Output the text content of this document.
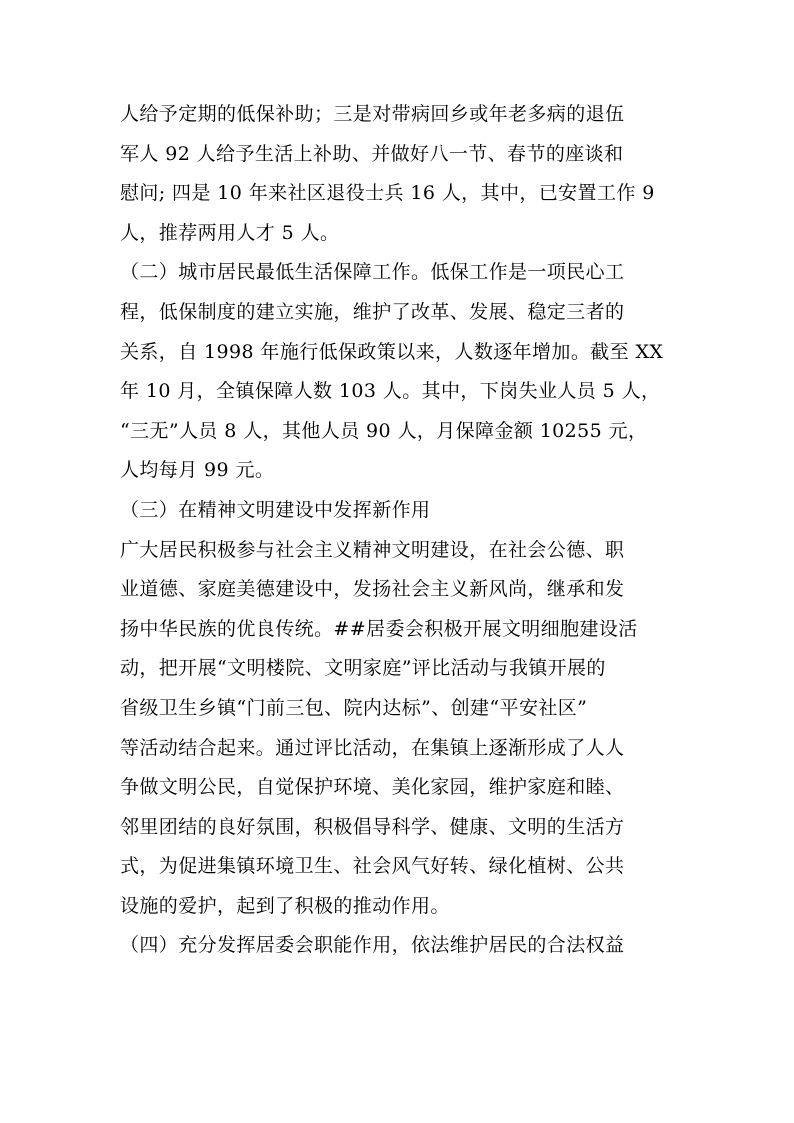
人给予定期的低保补助；三是对带病回乡或年老多病的退伍

军人 92 人给予生活上补助、并做好八一节、春节的座谈和

慰问; 四是 10 年来社区退役士兵 16 人，其中，已安置工作 9

人，推荐两用人才 5 人。

（二）城市居民最低生活保障工作。低保工作是一项民心工

程，低保制度的建立实施，维护了改革、发展、稳定三者的

关系，自 1998 年施行低保政策以来，人数逐年增加。截至 XX

年 10 月，全镇保障人数 103 人。其中，下岗失业人员 5 人，

“三无”人员 8 人，其他人员 90 人，月保障金额 10255 元，

人均每月 99 元。

（三）在精神文明建设中发挥新作用

广大居民积极参与社会主义精神文明建设，在社会公德、职

业道德、家庭美德建设中，发扬社会主义新风尚，继承和发

扬中华民族的优良传统。##居委会积极开展文明细胞建设活

动，把开展“文明楼院、文明家庭”评比活动与我镇开展的

省级卫生乡镇“门前三包、院内达标”、创建“平安社区”

等活动结合起来。通过评比活动，在集镇上逐渐形成了人人

争做文明公民，自觉保护环境、美化家园，维护家庭和睦、

邻里团结的良好氛围，积极倡导科学、健康、文明的生活方

式，为促进集镇环境卫生、社会风气好转、绿化植树、公共

设施的爱护，起到了积极的推动作用。

（四）充分发挥居委会职能作用，依法维护居民的合法权益
